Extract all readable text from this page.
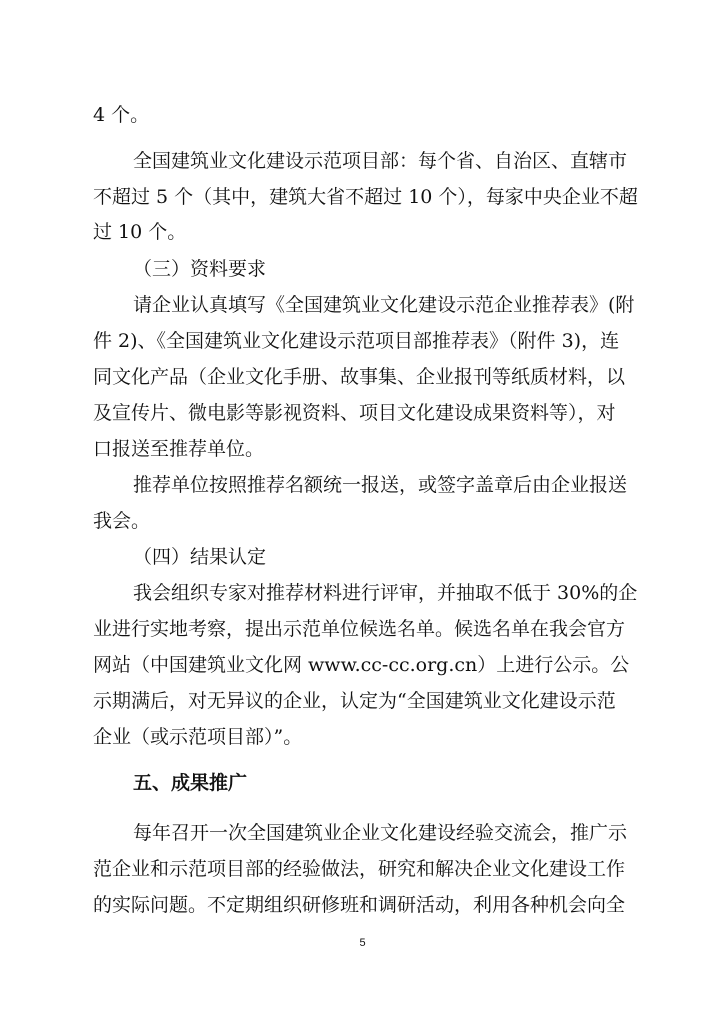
4 个。
全国建筑业文化建设示范项目部：每个省、自治区、直辖市
不超过 5 个（其中，建筑大省不超过 10 个），每家中央企业不超
过 10 个。
（三）资料要求
请企业认真填写《全国建筑业文化建设示范企业推荐表》(附
件 2)、《全国建筑业文化建设示范项目部推荐表》（附件 3)，连
同文化产品（企业文化手册、故事集、企业报刊等纸质材料，以
及宣传片、微电影等影视资料、项目文化建设成果资料等），对
口报送至推荐单位。
推荐单位按照推荐名额统一报送，或签字盖章后由企业报送
我会。
（四）结果认定
我会组织专家对推荐材料进行评审，并抽取不低于 30%的企
业进行实地考察，提出示范单位候选名单。候选名单在我会官方
网站（中国建筑业文化网 www.cc-cc.org.cn）上进行公示。公
示期满后，对无异议的企业，认定为“全国建筑业文化建设示范
企业（或示范项目部）”。
五、成果推广
每年召开一次全国建筑业企业文化建设经验交流会，推广示
范企业和示范项目部的经验做法，研究和解决企业文化建设工作
的实际问题。不定期组织研修班和调研活动，利用各种机会向全
5
